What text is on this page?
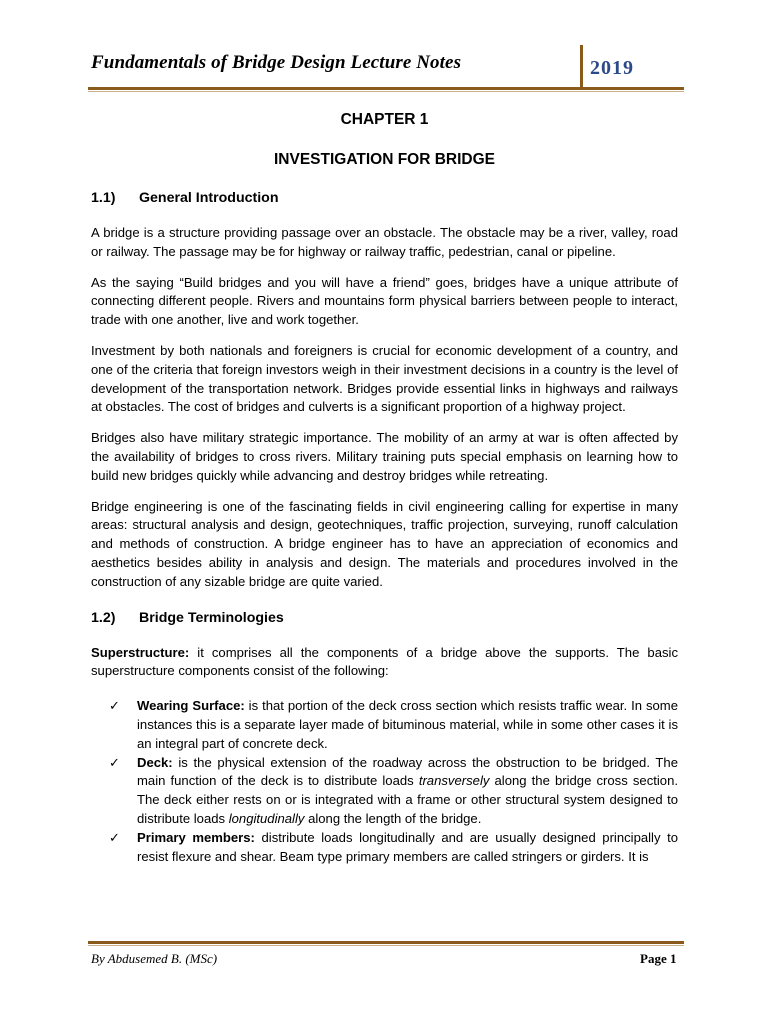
Fundamentals of Bridge Design Lecture Notes	2019
CHAPTER 1
INVESTIGATION FOR BRIDGE
1.1) General Introduction

A bridge is a structure providing passage over an obstacle. The obstacle may be a river, valley, road or railway. The passage may be for highway or railway traffic, pedestrian, canal or pipeline.

As the saying “Build bridges and you will have a friend” goes, bridges have a unique attribute of connecting different people. Rivers and mountains form physical barriers between people to interact, trade with one another, live and work together.

Investment by both nationals and foreigners is crucial for economic development of a country, and one of the criteria that foreign investors weigh in their investment decisions in a country is the level of development of the transportation network. Bridges provide essential links in highways and railways at obstacles. The cost of bridges and culverts is a significant proportion of a highway project.

Bridges also have military strategic importance. The mobility of an army at war is often affected by the availability of bridges to cross rivers. Military training puts special emphasis on learning how to build new bridges quickly while advancing and destroy bridges while retreating.

Bridge engineering is one of the fascinating fields in civil engineering calling for expertise in many areas: structural analysis and design, geotechniques, traffic projection, surveying, runoff calculation and methods of construction. A bridge engineer has to have an appreciation of economics and aesthetics besides ability in analysis and design. The materials and procedures involved in the construction of any sizable bridge are quite varied.

1.2) Bridge Terminologies

Superstructure: it comprises all the components of a bridge above the supports. The basic superstructure components consist of the following:

✓ Wearing Surface: is that portion of the deck cross section which resists traffic wear. In some instances this is a separate layer made of bituminous material, while in some other cases it is an integral part of concrete deck.
✓ Deck: is the physical extension of the roadway across the obstruction to be bridged. The main function of the deck is to distribute loads transversely along the bridge cross section. The deck either rests on or is integrated with a frame or other structural system designed to distribute loads longitudinally along the length of the bridge.
✓ Primary members: distribute loads longitudinally and are usually designed principally to resist flexure and shear. Beam type primary members are called stringers or girders. It is
By Abdusemed B. (MSc)	Page 1
